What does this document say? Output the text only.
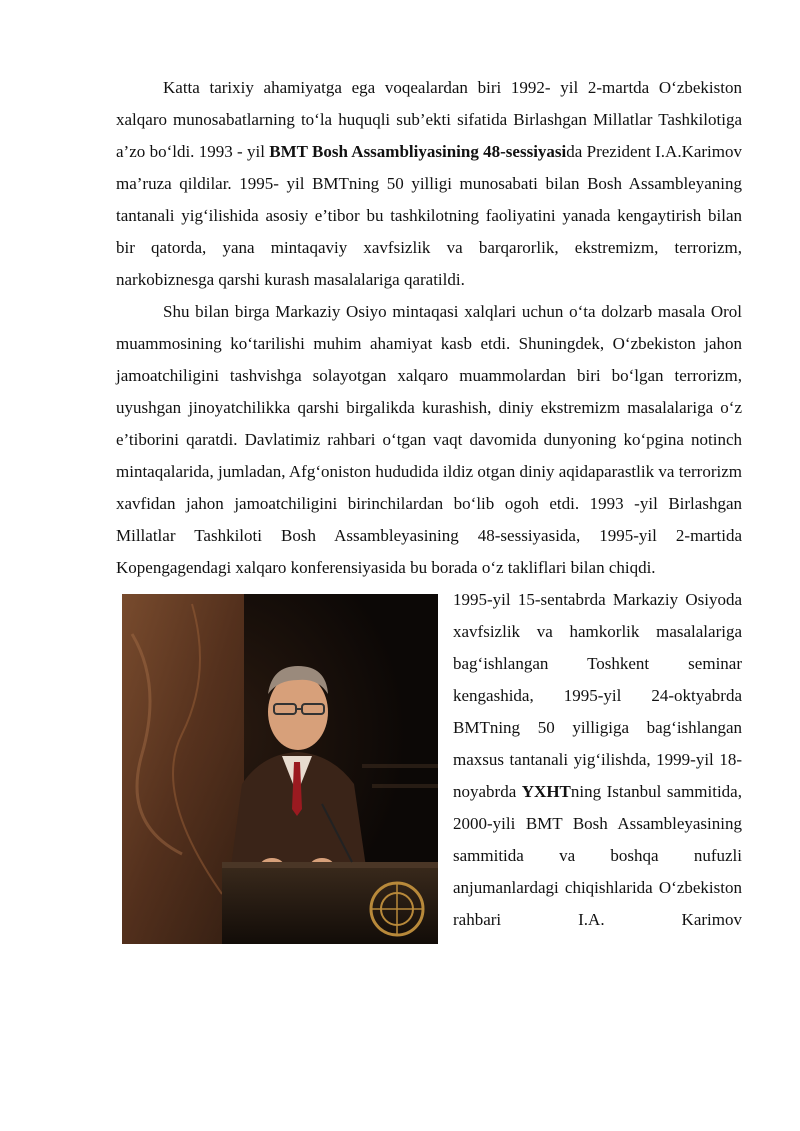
Katta tarixiy ahamiyatga ega voqealardan biri 1992- yil 2-martda O‘zbekiston xalqaro munosabatlarning to‘la huquqli sub’ekti sifatida Birlashgan Millatlar Tashkilotiga a’zo bo‘ldi. 1993 - yil BMT Bosh Assambliyasining 48-sessiyasida Prezident I.A.Karimov ma’ruza qildilar. 1995- yil BMTning 50 yilligi munosabati bilan Bosh Assambleyaning tantanali yig‘ilishida asosiy e’tibor bu tashkilotning faoliyatini yanada kengaytirish bilan bir qatorda, yana mintaqaviy xavfsizlik va barqarorlik, ekstremizm, terrorizm, narkobiznesga qarshi kurash masalalariga qaratildi.

Shu bilan birga Markaziy Osiyo mintaqasi xalqlari uchun o‘ta dolzarb masala Orol muammosining ko‘tarilishi muhim ahamiyat kasb etdi. Shuningdek, O‘zbekiston jahon jamoatchiligini tashvishga solayotgan xalqaro muammolardan biri bo‘lgan terrorizm, uyushgan jinoyatchilikka qarshi birgalikda kurashish, diniy ekstremizm masalalariga o‘z e’tiborini qaratdi. Davlatimiz rahbari o‘tgan vaqt davomida dunyoning ko‘pgina notinch mintaqalarida, jumladan, Afg‘oniston hududida ildiz otgan diniy aqidaparastlik va terrorizm xavfidan jahon jamoatchiligini birinchilardan bo‘lib ogoh etdi. 1993 -yil Birlashgan Millatlar Tashkiloti Bosh Assambleyasining 48-sessiyasida, 1995-yil 2-martida Kopengagendagi xalqaro konferensiyasida bu borada o‘z takliflari bilan chiqdi.

1995-yil 15-sentabrda Markaziy Osiyoda xavfsizlik va hamkorlik masalalariga bag‘ishlangan Toshkent seminar kengashida, 1995-yil 24-oktyabrda BMTning 50 yilligiga bag‘ishlangan maxsus tantanali yig‘ilishda, 1999-yil 18-noyabrda YXHTning Istanbul sammitida, 2000-yili BMT Bosh Assambleyasining sammitida va boshqa nufuzli anjumanlardagi chiqishlarida O‘zbekiston rahbari I.A. Karimov
